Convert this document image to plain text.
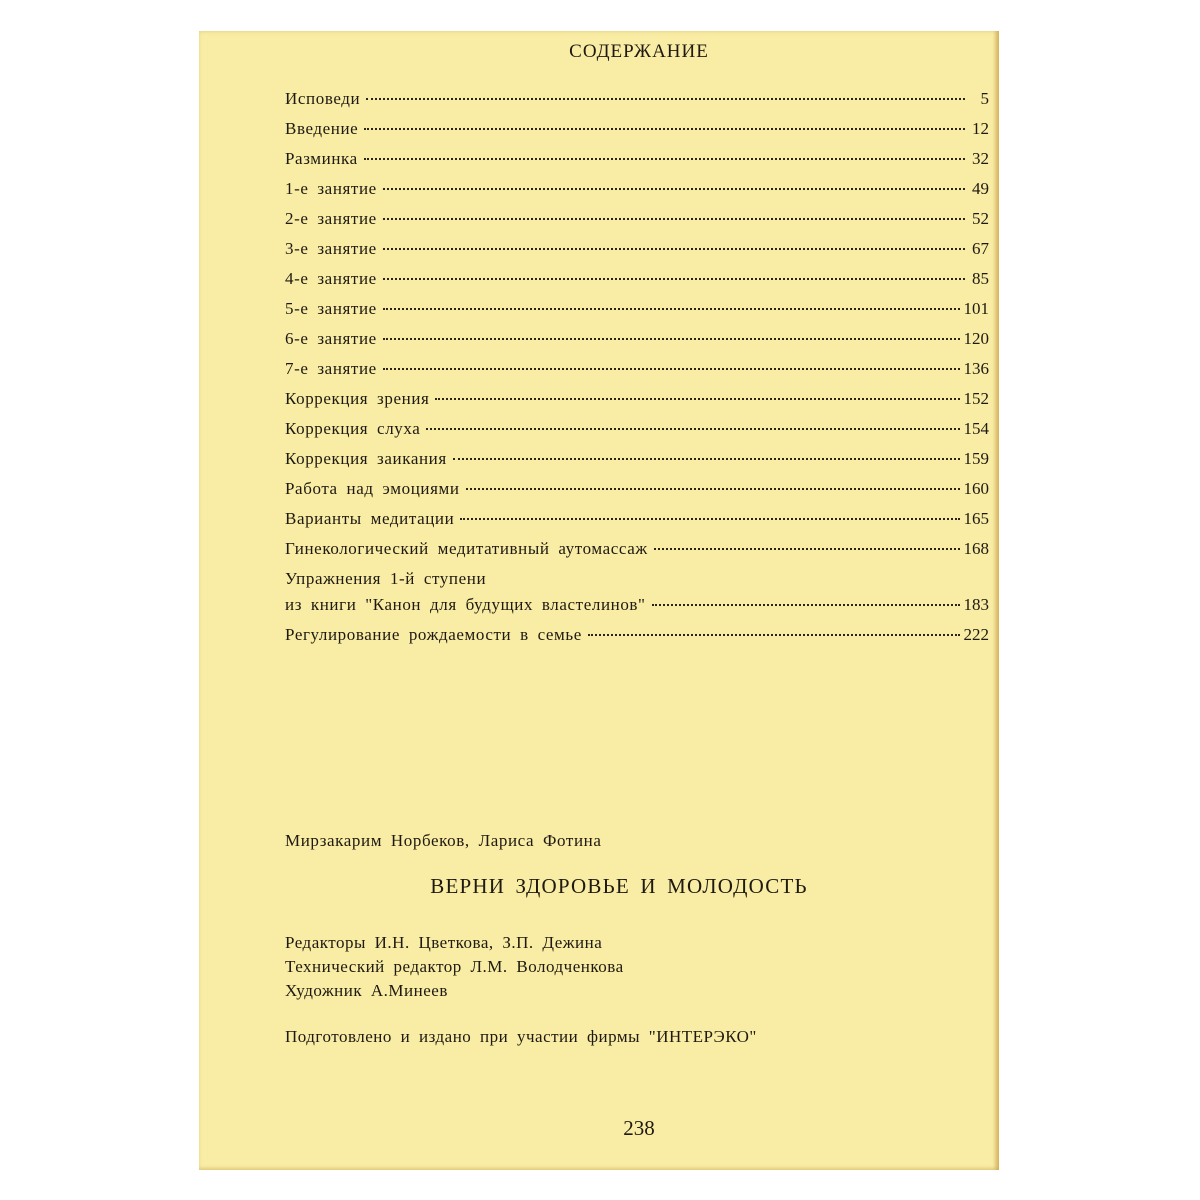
СОДЕРЖАНИЕ
Исповеди	5
Введение	12
Разминка	32
1-е занятие	49
2-е занятие	52
3-е занятие	67
4-е занятие	85
5-е занятие	101
6-е занятие	120
7-е занятие	136
Коррекция зрения	152
Коррекция слуха	154
Коррекция заикания	159
Работа над эмоциями	160
Варианты медитации	165
Гинекологический медитативный аутомассаж	168
Упражнения 1-й ступени
из книги "Канон для будущих властелинов"	183
Регулирование рождаемости в семье	222
Мирзакарим Норбеков, Лариса Фотина
ВЕРНИ ЗДОРОВЬЕ И МОЛОДОСТЬ
Редакторы И.Н. Цветкова, З.П. Дежина
Технический редактор Л.М. Володченкова
Художник А.Минеев
Подготовлено и издано при участии фирмы "ИНТЕРЭКО"
238
